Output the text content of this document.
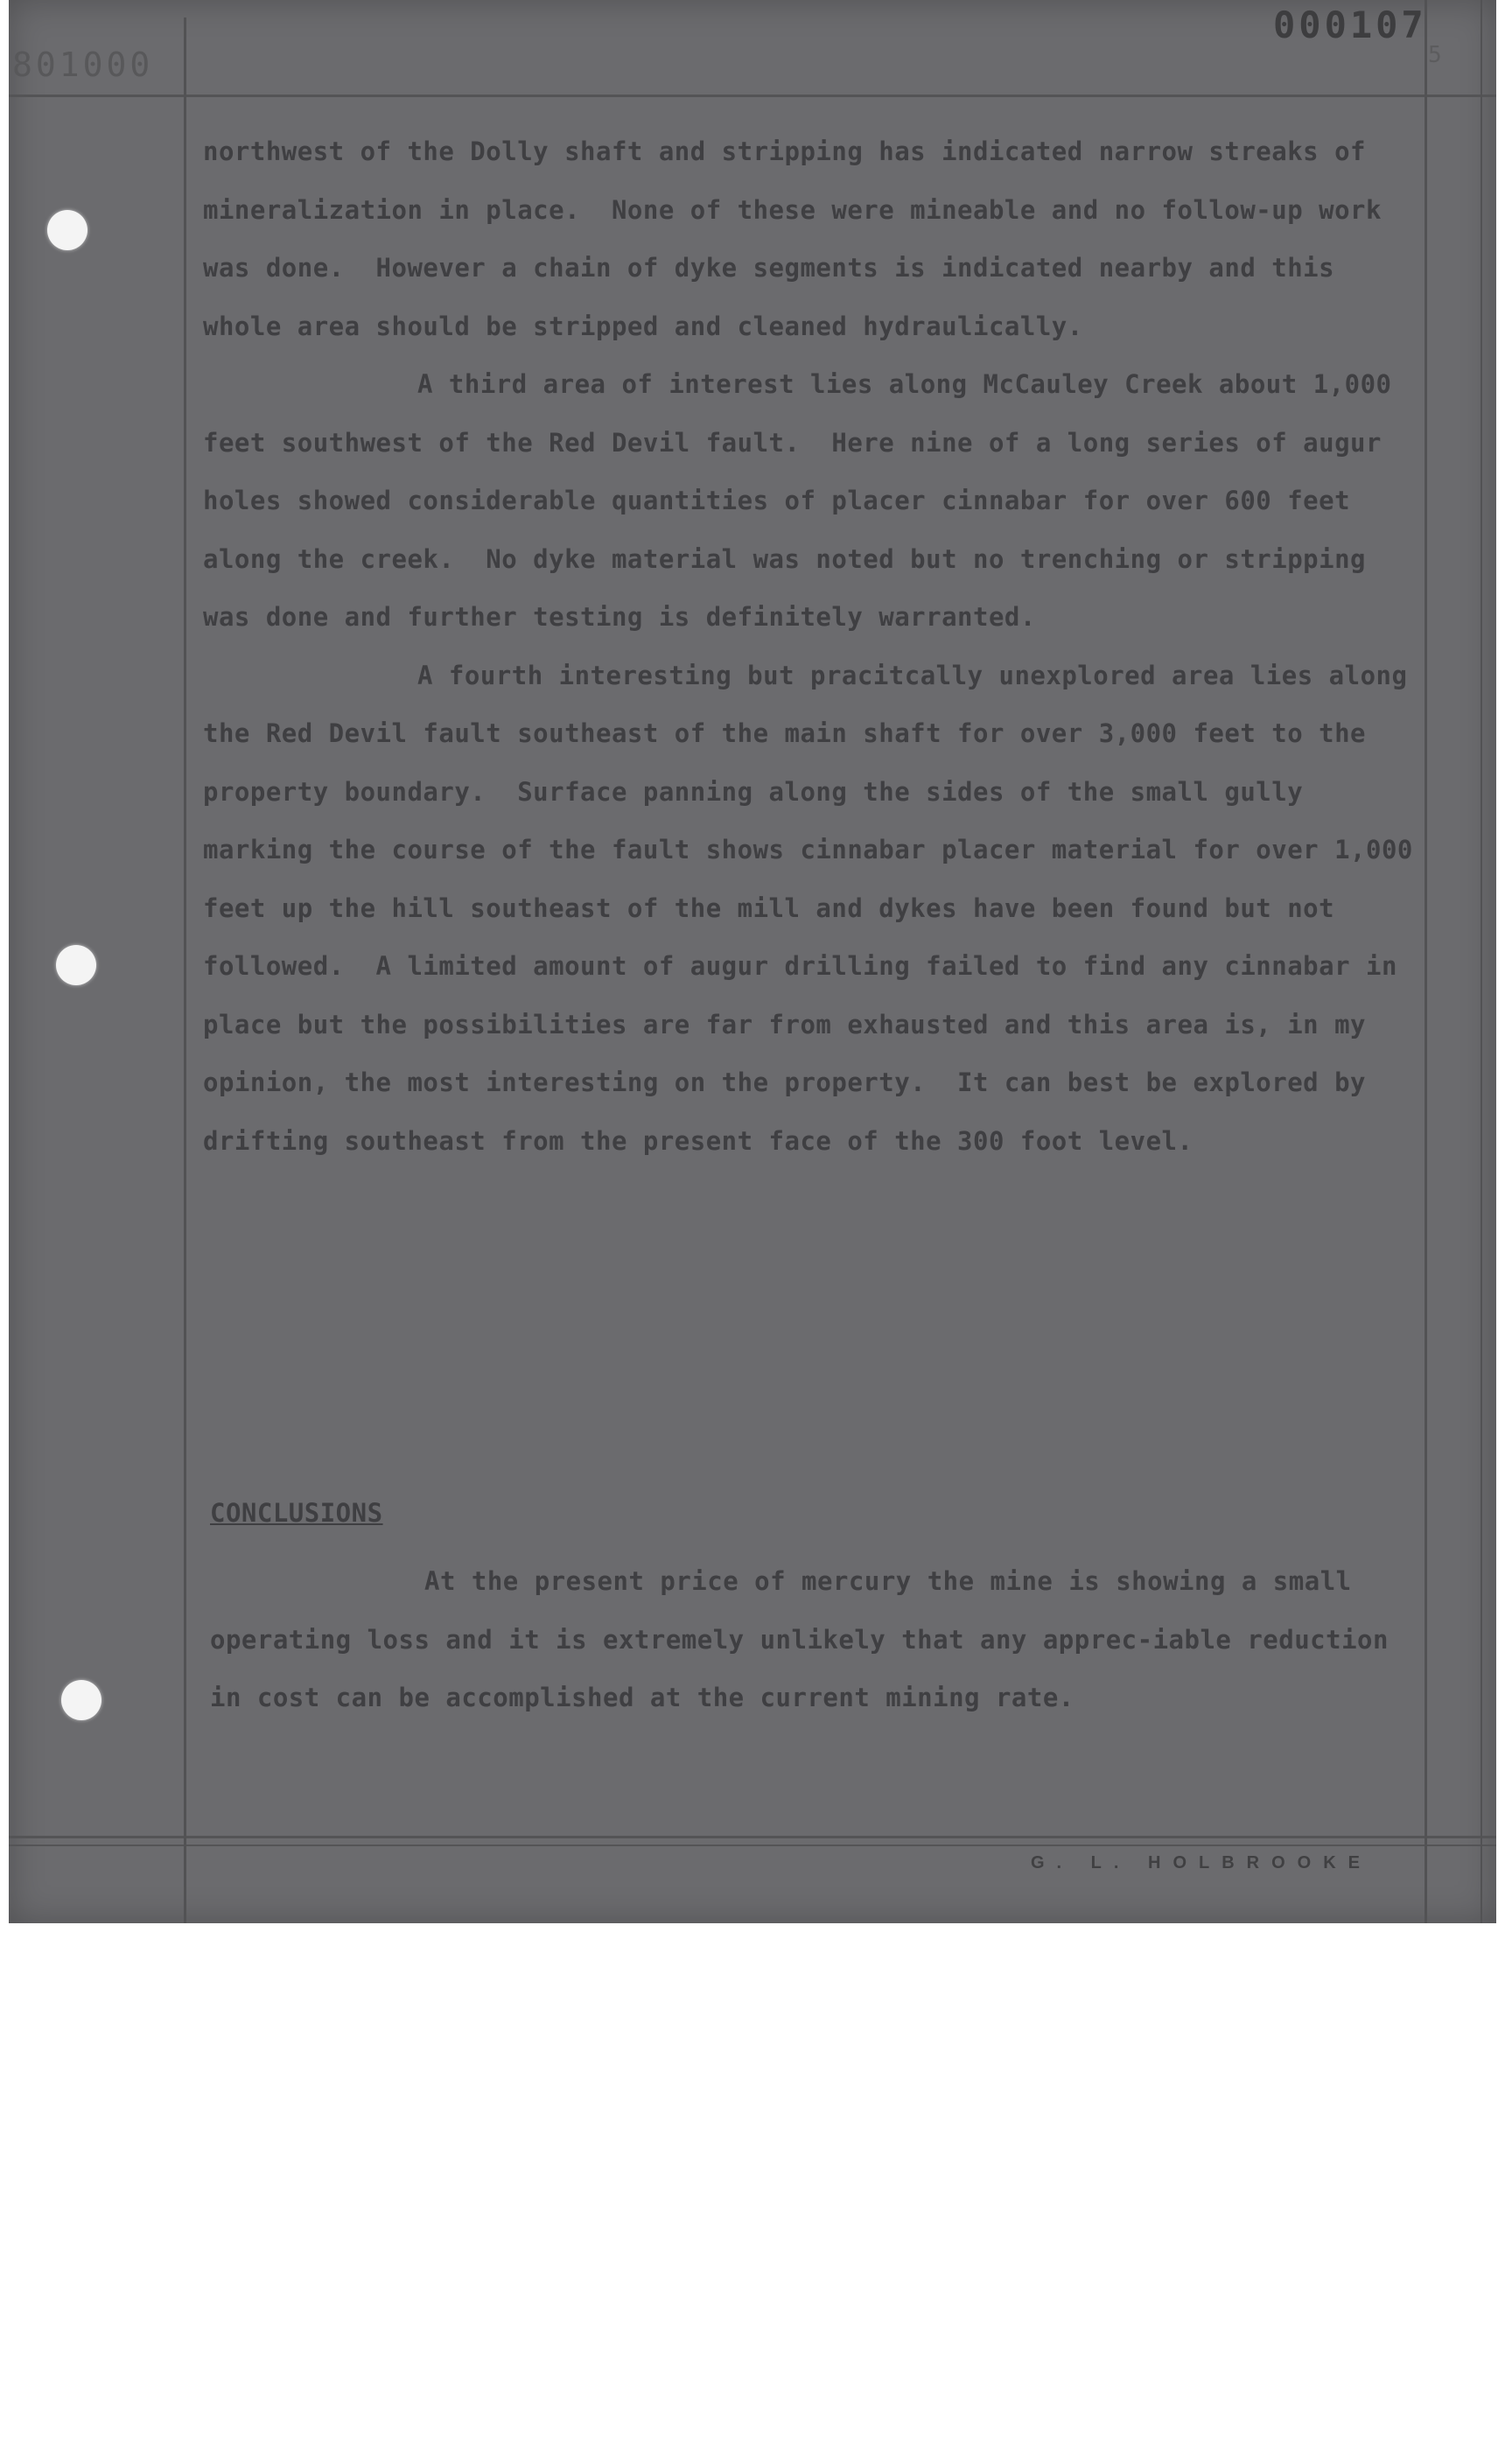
801000
000107
5

northwest of the Dolly shaft and stripping has indicated narrow streaks of mineralization in place.  None of these were mineable and no follow-up work was done.  However a chain of dyke segments is indicated nearby and this whole area should be stripped and cleaned hydraulically.

A third area of interest lies along McCauley Creek about 1,000 feet southwest of the Red Devil fault.  Here nine of a long series of augur holes showed considerable quantities of placer cinnabar for over 600 feet along the creek.  No dyke material was noted but no trenching or stripping was done and further testing is definitely warranted.

A fourth interesting but pracitcally unexplored area lies along the Red Devil fault southeast of the main shaft for over 3,000 feet to the property boundary.  Surface panning along the sides of the small gully marking the course of the fault shows cinnabar placer material for over 1,000 feet up the hill southeast of the mill and dykes have been found but not followed.  A limited amount of augur drilling failed to find any cinnabar in place but the possibilities are far from exhausted and this area is, in my opinion, the most interesting on the property.  It can best be explored by drifting southeast from the present face of the 300 foot level.

CONCLUSIONS

At the present price of mercury the mine is showing a small operating loss and it is extremely unlikely that any apprec-iable reduction in cost can be accomplished at the current mining rate.

G. L. HOLBROOKE
